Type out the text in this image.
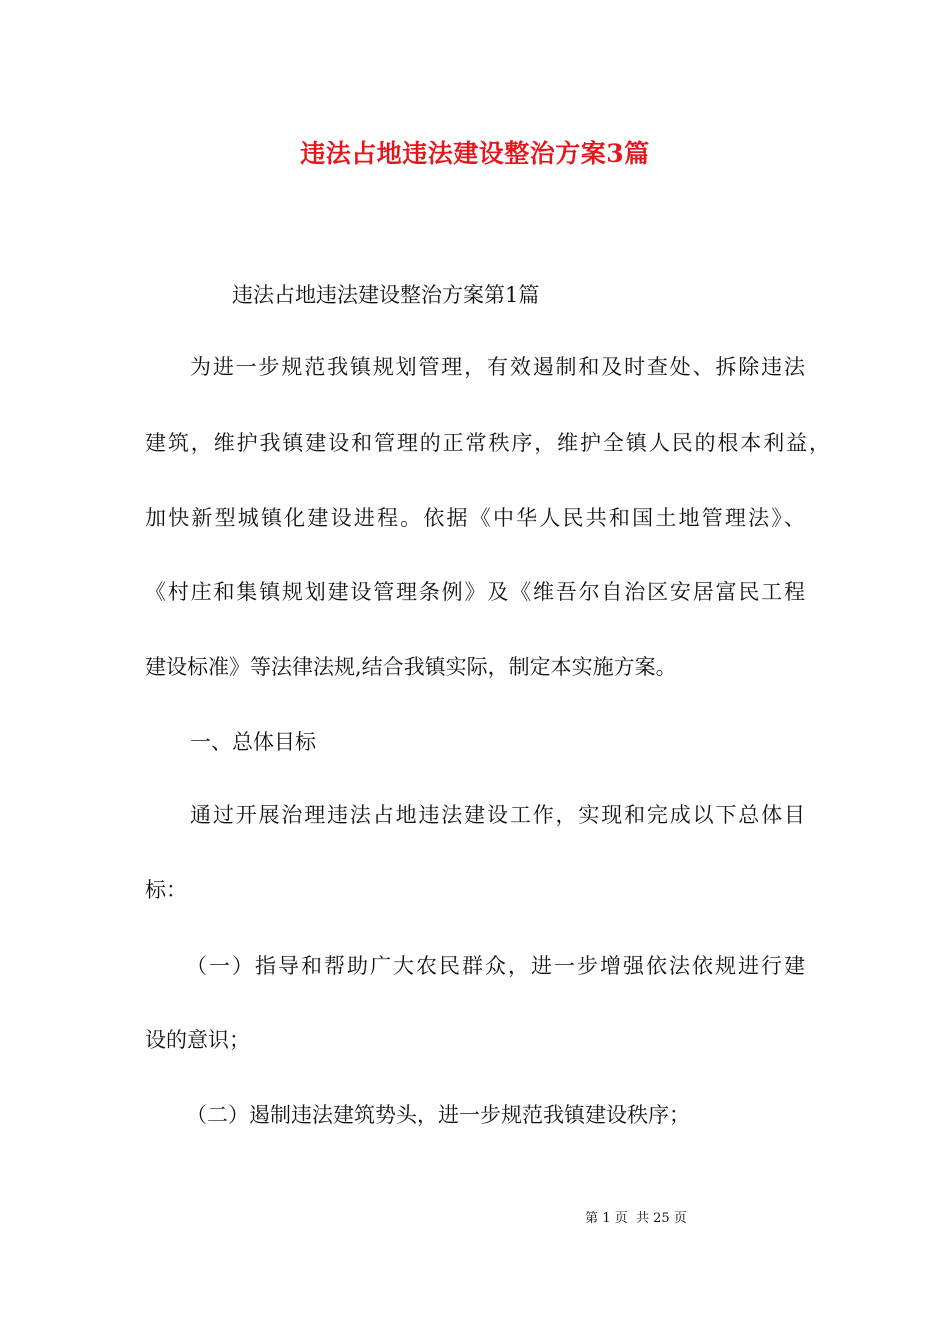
违法占地违法建设整治方案3篇
违法占地违法建设整治方案第1篇
为进一步规范我镇规划管理，有效遏制和及时查处、拆除违法
建筑，维护我镇建设和管理的正常秩序，维护全镇人民的根本利益，
加快新型城镇化建设进程。依据《中华人民共和国土地管理法》、
《村庄和集镇规划建设管理条例》及《维吾尔自治区安居富民工程
建设标准》等法律法规,结合我镇实际，制定本实施方案。
一、总体目标
通过开展治理违法占地违法建设工作，实现和完成以下总体目
标：
（一）指导和帮助广大农民群众，进一步增强依法依规进行建
设的意识；
（二）遏制违法建筑势头，进一步规范我镇建设秩序；
第 1 页  共 25 页
